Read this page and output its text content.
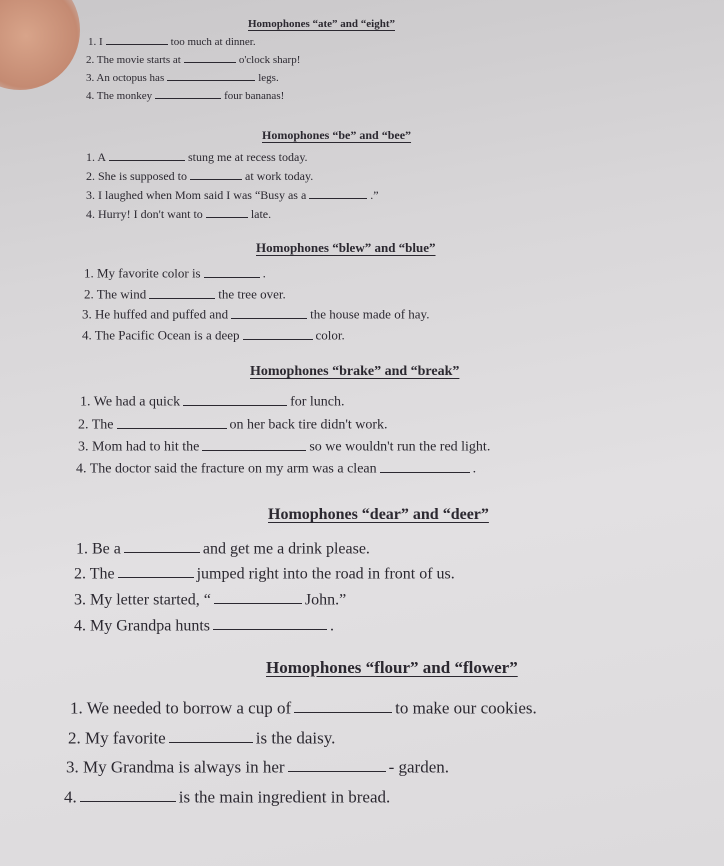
Homophones “ate” and “eight”
1. I	too much at dinner.
2. The movie starts at	o'clock sharp!
3. An octopus has	legs.
4. The monkey	four bananas!
Homophones “be” and “bee”
1. A	stung me at recess today.
2. She is supposed to	at work today.
3. I laughed when Mom said I was “Busy as a	.”
4. Hurry! I don't want to	late.
Homophones “blew” and “blue”
1. My favorite color is	.
2. The wind	the tree over.
3. He huffed and puffed and	the house made of hay.
4. The Pacific Ocean is a deep	color.
Homophones “brake” and “break”
1. We had a quick	for lunch.
2. The	on her back tire didn't work.
3. Mom had to hit the	so we wouldn't run the red light.
4. The doctor said the fracture on my arm was a clean	.
Homophones “dear” and “deer”
1. Be a	and get me a drink please.
2. The	jumped right into the road in front of us.
3. My letter started, “	John.”
4. My Grandpa hunts	.
Homophones “flour” and “flower”
1. We needed to borrow a cup of	to make our cookies.
2. My favorite	is the daisy.
3. My Grandma is always in her	- garden.
4.	is the main ingredient in bread.
